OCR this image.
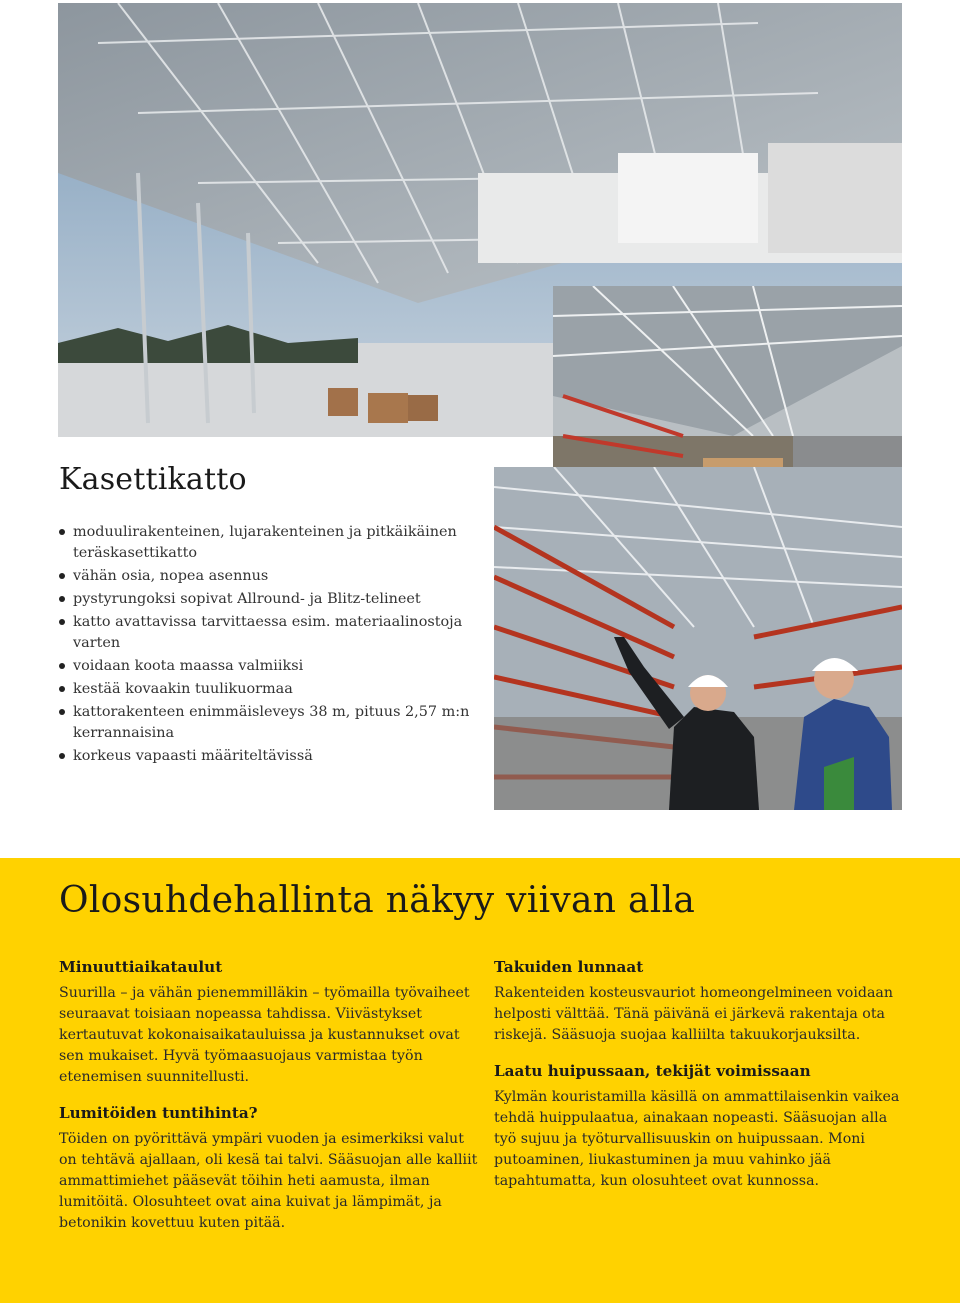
Kasettikatto
moduulirakenteinen, lujarakenteinen ja pitkäikäinen teräskasettikatto
vähän osia, nopea asennus
pystyrungoksi sopivat Allround- ja Blitz-telineet
katto avattavissa tarvittaessa esim. materiaalinostoja varten
voidaan koota maassa valmiiksi
kestää kovaakin tuulikuormaa
kattorakenteen enimmäisleveys 38 m, pituus 2,57 m:n kerrannaisina
korkeus vapaasti määriteltävissä
Olosuhdehallinta näkyy viivan alla
Minuuttiaikataulut

Suurilla – ja vähän pienemmilläkin – työmailla työvaiheet seuraavat toisiaan nopeassa tahdissa. Viivästykset kertautuvat kokonaisaikatauluissa ja kustannukset ovat sen mukaiset. Hyvä työmaasuojaus varmistaa työn etenemisen suunnitellusti.

Lumitöiden tuntihinta?

Töiden on pyörittävä ympäri vuoden ja esimerkiksi valut on tehtävä ajallaan, oli kesä tai talvi. Sääsuojan alle kalliit ammattimiehet pääsevät töihin heti aamusta, ilman lumitöitä. Olosuhteet ovat aina kuivat ja lämpimät, ja betonikin kovettuu kuten pitää.

Takuiden lunnaat

Rakenteiden kosteusvauriot homeongelmineen voidaan helposti välttää. Tänä päivänä ei järkevä rakentaja ota riskejä. Sääsuoja suojaa kalliilta takuukorjauksilta.

Laatu huipussaan, tekijät voimissaan

Kylmän kouristamilla käsillä on ammattilaisenkin vaikea tehdä huippulaatua, ainakaan nopeasti. Sääsuojan alla työ sujuu ja työturvallisuuskin on huipussaan. Moni putoaminen, liukastuminen ja muu vahinko jää tapahtumatta, kun olosuhteet ovat kunnossa.
